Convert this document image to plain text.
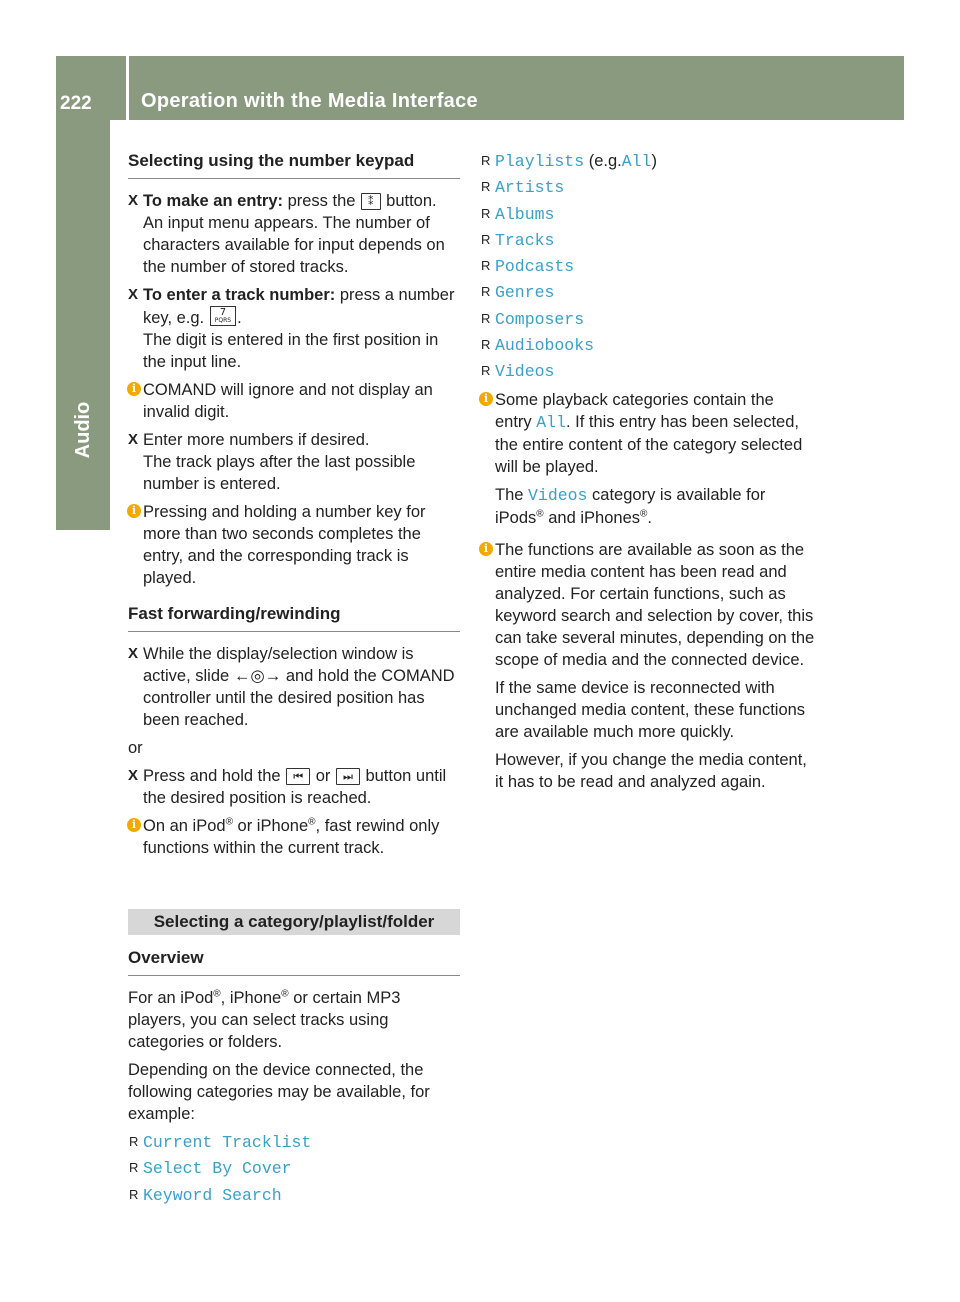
222	Operation with the Media Interface
Audio
Selecting using the number keypad
X To make an entry: press the ⁑ button.
An input menu appears. The number of characters available for input depends on the number of stored tracks.
X To enter a track number: press a number key, e.g. 7
PQRS .
The digit is entered in the first position in the input line.
i COMAND will ignore and not display an invalid digit.
X Enter more numbers if desired.
The track plays after the last possible number is entered.
i Pressing and holding a number key for more than two seconds completes the entry, and the corresponding track is played.
Fast forwarding/rewinding
X While the display/selection window is active, slide ←◎→ and hold the COMAND controller until the desired position has been reached.
or
X Press and hold the ⏮ or ⏭ button until the desired position is reached.
i On an iPod® or iPhone®, fast rewind only functions within the current track.
Selecting a category/playlist/folder
Overview
For an iPod®, iPhone® or certain MP3 players, you can select tracks using categories or folders.
Depending on the device connected, the following categories may be available, for example:
R Current Tracklist
R Select By Cover
R Keyword Search
R Playlists (e.g.All)
R Artists
R Albums
R Tracks
R Podcasts
R Genres
R Composers
R Audiobooks
R Videos
i Some playback categories contain the entry All. If this entry has been selected, the entire content of the category selected will be played.
The Videos category is available for iPods® and iPhones®.
i The functions are available as soon as the entire media content has been read and analyzed. For certain functions, such as keyword search and selection by cover, this can take several minutes, depending on the scope of media and the connected device.
If the same device is reconnected with unchanged media content, these functions are available much more quickly.
However, if you change the media content, it has to be read and analyzed again.
